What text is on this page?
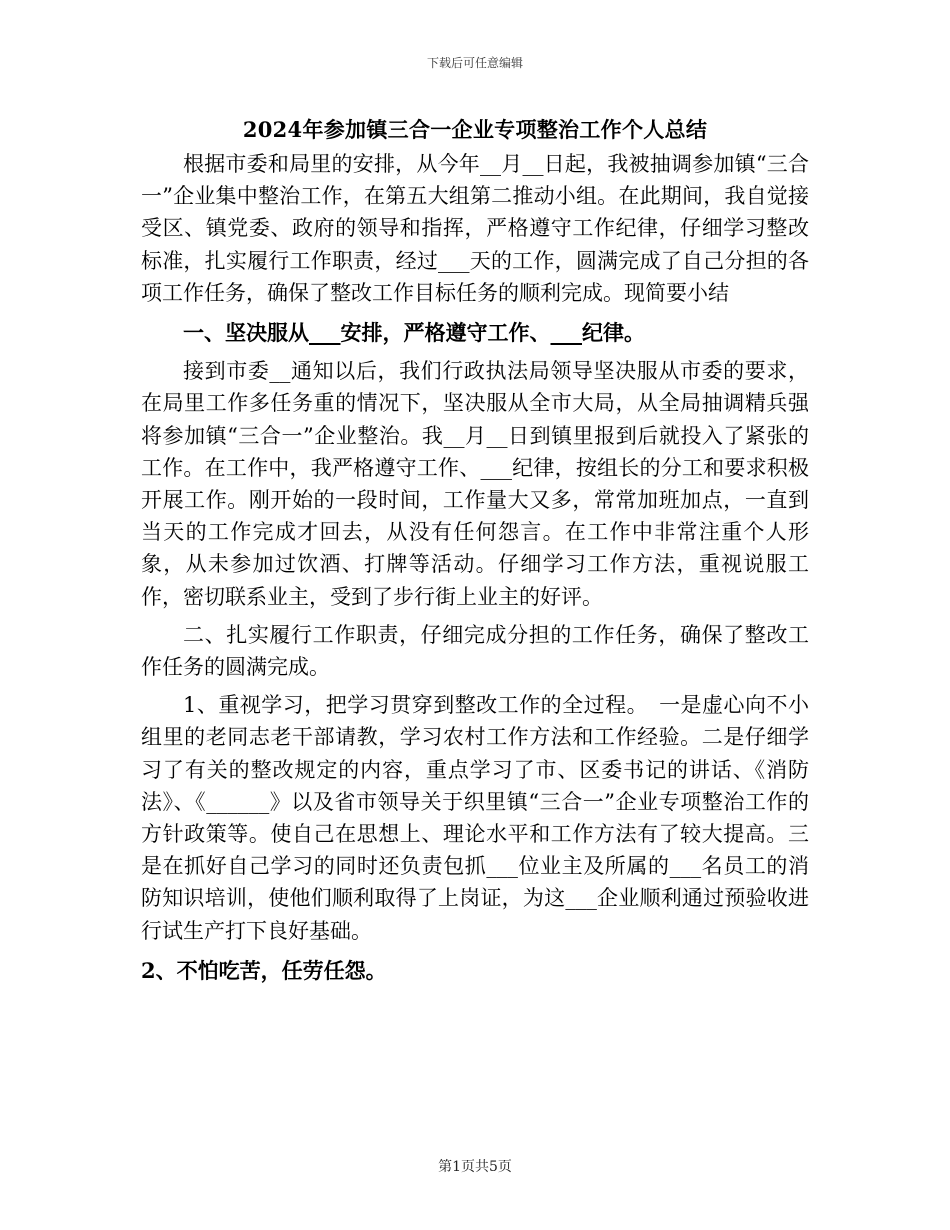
下载后可任意编辑
2024年参加镇三合一企业专项整治工作个人总结

根据市委和局里的安排，从今年__月__日起，我被抽调参加镇“三合一”企业集中整治工作，在第五大组第二推动小组。在此期间，我自觉接受区、镇党委、政府的领导和指挥，严格遵守工作纪律，仔细学习整改标准，扎实履行工作职责，经过___天的工作，圆满完成了自己分担的各项工作任务，确保了整改工作目标任务的顺利完成。现简要小结

一、坚决服从___安排，严格遵守工作、___纪律。

接到市委__通知以后，我们行政执法局领导坚决服从市委的要求，在局里工作多任务重的情况下，坚决服从全市大局，从全局抽调精兵强将参加镇“三合一”企业整治。我__月__日到镇里报到后就投入了紧张的工作。在工作中，我严格遵守工作、___纪律，按组长的分工和要求积极开展工作。刚开始的一段时间，工作量大又多，常常加班加点，一直到当天的工作完成才回去，从没有任何怨言。在工作中非常注重个人形象，从未参加过饮酒、打牌等活动。仔细学习工作方法，重视说服工作，密切联系业主，受到了步行街上业主的好评。

二、扎实履行工作职责，仔细完成分担的工作任务，确保了整改工作任务的圆满完成。

1、重视学习，把学习贯穿到整改工作的全过程。　一是虚心向不小组里的老同志老干部请教，学习农村工作方法和工作经验。二是仔细学习了有关的整改规定的内容，重点学习了市、区委书记的讲话、《消防法》、《______》以及省市领导关于织里镇“三合一”企业专项整治工作的方针政策等。使自己在思想上、理论水平和工作方法有了较大提高。三是在抓好自己学习的同时还负责包抓___位业主及所属的___名员工的消防知识培训，使他们顺利取得了上岗证，为这___企业顺利通过预验收进行试生产打下良好基础。

2、不怕吃苦，任劳任怨。

第1页共5页
